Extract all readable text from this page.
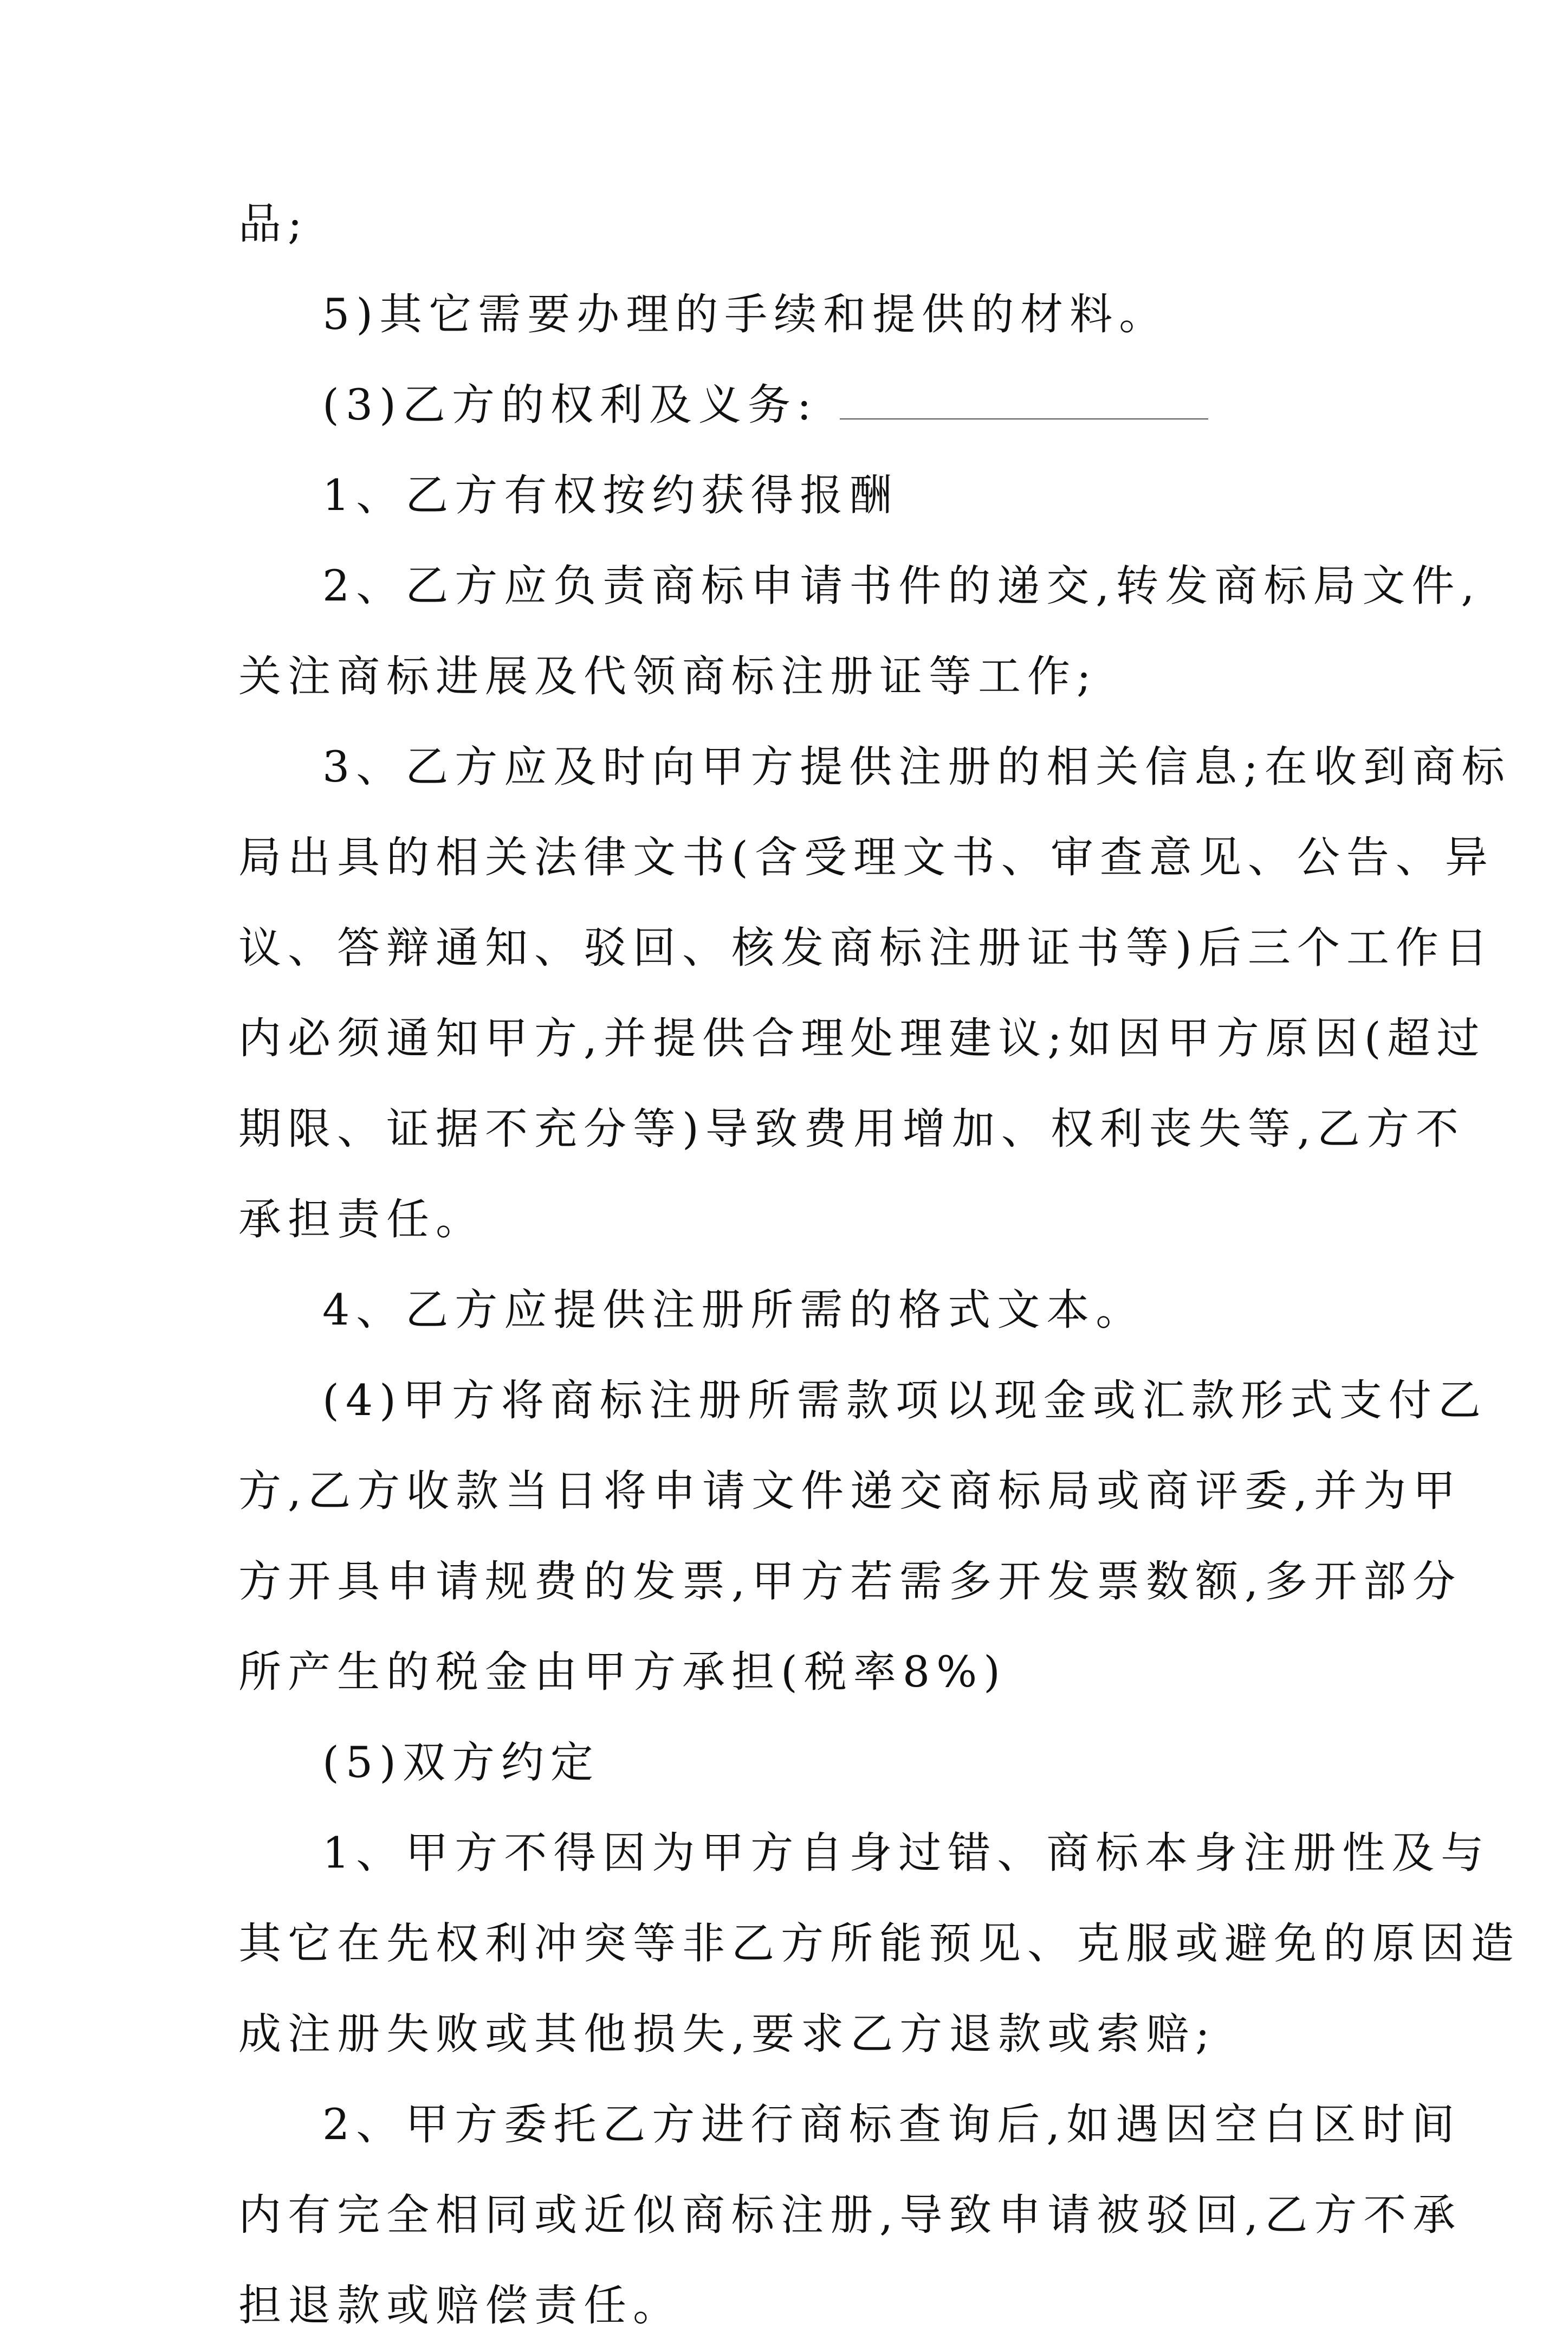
品;
5)其它需要办理的手续和提供的材料。
(3)乙方的权利及义务:
1、乙方有权按约获得报酬
2、乙方应负责商标申请书件的递交,转发商标局文件,
关注商标进展及代领商标注册证等工作;
3、乙方应及时向甲方提供注册的相关信息;在收到商标
局出具的相关法律文书(含受理文书、审查意见、公告、异
议、答辩通知、驳回、核发商标注册证书等)后三个工作日
内必须通知甲方,并提供合理处理建议;如因甲方原因(超过
期限、证据不充分等)导致费用增加、权利丧失等,乙方不
承担责任。
4、乙方应提供注册所需的格式文本。
(4)甲方将商标注册所需款项以现金或汇款形式支付乙
方,乙方收款当日将申请文件递交商标局或商评委,并为甲
方开具申请规费的发票,甲方若需多开发票数额,多开部分
所产生的税金由甲方承担(税率8%)
(5)双方约定
1、甲方不得因为甲方自身过错、商标本身注册性及与
其它在先权利冲突等非乙方所能预见、克服或避免的原因造
成注册失败或其他损失,要求乙方退款或索赔;
2、甲方委托乙方进行商标查询后,如遇因空白区时间
内有完全相同或近似商标注册,导致申请被驳回,乙方不承
担退款或赔偿责任。
